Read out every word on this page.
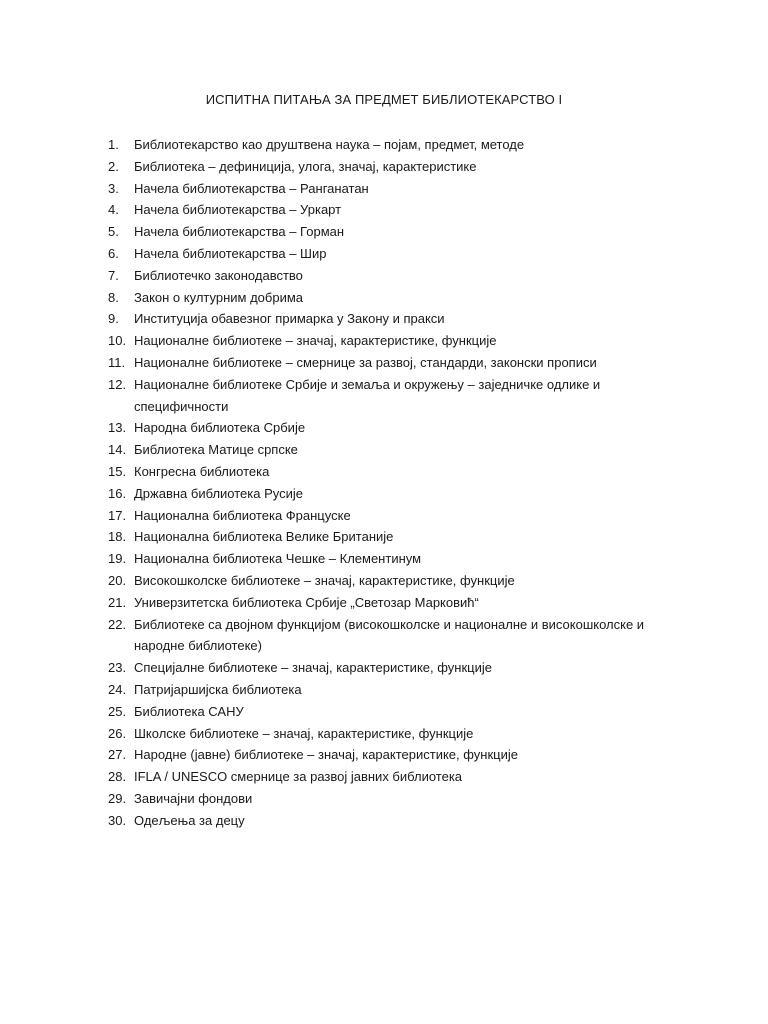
ИСПИТНА ПИТАЊА ЗА ПРЕДМЕТ БИБЛИОТЕКАРСТВО I
1.	Библиотекарство као друштвена наука – појам, предмет, методе
2.	Библиотека – дефиниција, улога, значај, карактеристике
3.	Начела библиотекарства – Ранганатан
4.	Начела библиотекарства – Уркарт
5.	Начела библиотекарства – Горман
6.	Начела библиотекарства – Шир
7.	Библиотечко законодавство
8.	Закон о културним добрима
9.	Институција обавезног примарка у Закону и пракси
10. Националне библиотеке – значај, карактеристике, функције
11. Националне библиотеке – смернице за развој, стандарди, законски прописи
12. Националне библиотеке Србије и земаља и окружењу – заједничке одлике и специфичности
13. Народна библиотека Србије
14. Библиотека Матице српске
15. Конгресна библиотека
16. Државна библиотека Русије
17. Национална библиотека Француске
18. Национална библиотека Велике Британије
19. Национална библиотека Чешке – Клементинум
20. Високошколске библиотеке – значај, карактеристике, функције
21. Универзитетска библиотека Србије „Светозар Марковић“
22. Библиотеке са двојном функцијом (високошколске и националне и високошколске и народне библиотеке)
23. Специјалне библиотеке – значај, карактеристике, функције
24. Патријаршијска библиотека
25. Библиотека САНУ
26. Школске библиотеке – значај, карактеристике, функције
27. Народне (јавне) библиотеке – значај, карактеристике, функције
28. IFLA / UNESCO смернице за развој јавних библиотека
29. Завичајни фондови
30. Одељења за децу
